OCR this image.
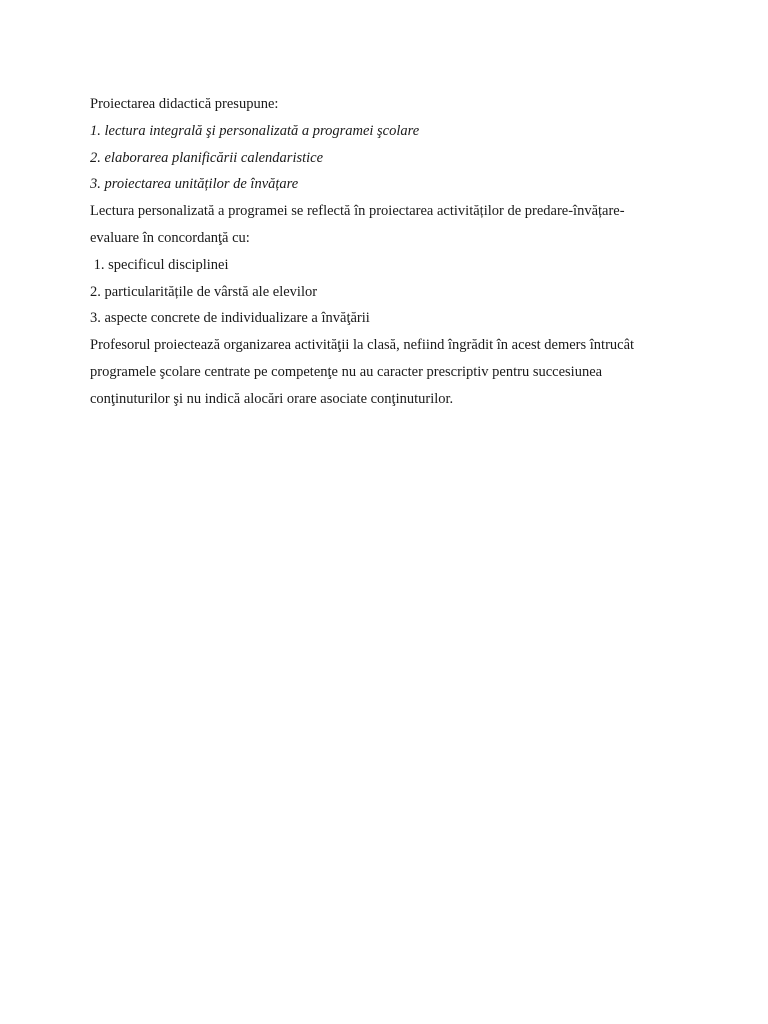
Proiectarea didactică presupune:
1. lectura integrală şi personalizată a programei şcolare
2. elaborarea planificării calendaristice
3. proiectarea unităților de învățare
Lectura personalizată a programei se reflectă în proiectarea activităților de predare-învățare-
evaluare în concordanţă cu:
1. specificul disciplinei
2. particularitățile de vârstă ale elevilor
3. aspecte concrete de individualizare a învăţării
Profesorul proiectează organizarea activităţii la clasă, nefiind îngrădit în acest demers întrucât
programele şcolare centrate pe competenţe nu au caracter prescriptiv pentru succesiunea
conţinuturilor şi nu indică alocări orare asociate conţinuturilor.
